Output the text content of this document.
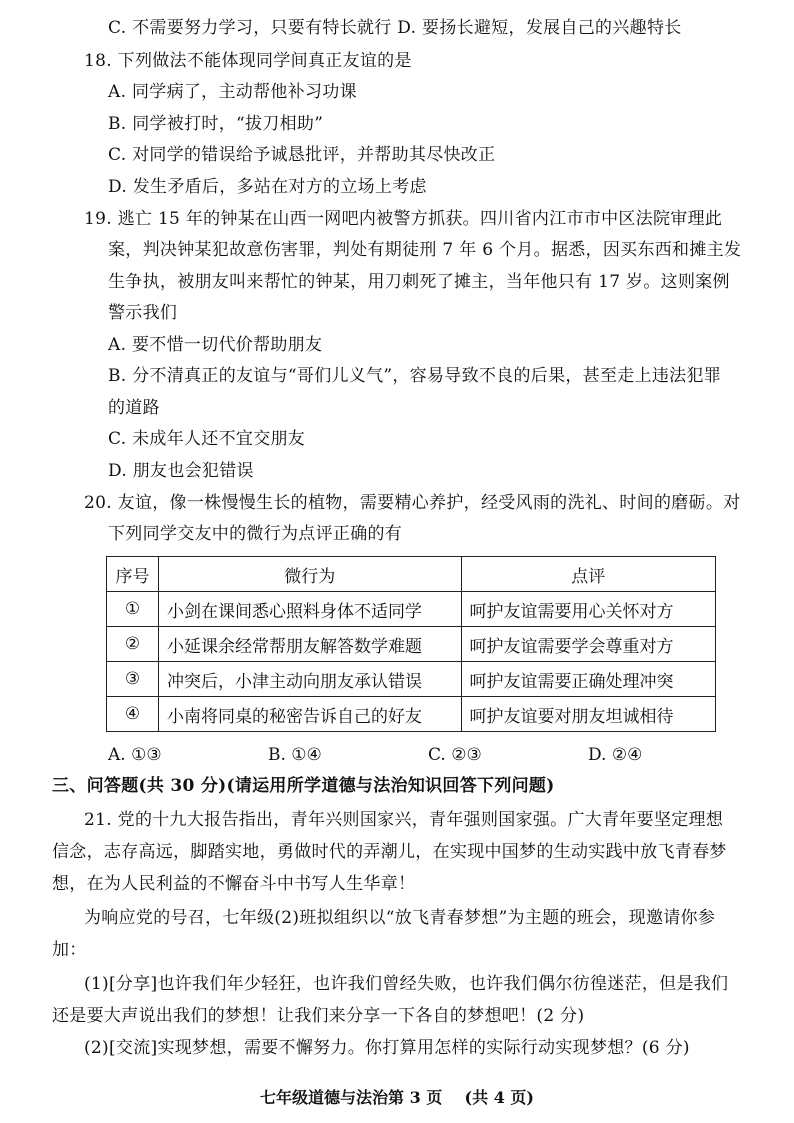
C. 不需要努力学习，只要有特长就行 D. 要扬长避短，发展自己的兴趣特长
18. 下列做法不能体现同学间真正友谊的是
A. 同学病了，主动帮他补习功课
B. 同学被打时，“拔刀相助”
C. 对同学的错误给予诚恳批评，并帮助其尽快改正
D. 发生矛盾后，多站在对方的立场上考虑
19. 逃亡 15 年的钟某在山西一网吧内被警方抓获。四川省内江市市中区法院审理此
案，判决钟某犯故意伤害罪，判处有期徒刑 7 年 6 个月。据悉，因买东西和摊主发
生争执，被朋友叫来帮忙的钟某，用刀刺死了摊主，当年他只有 17 岁。这则案例
警示我们
A. 要不惜一切代价帮助朋友
B. 分不清真正的友谊与“哥们儿义气”，容易导致不良的后果，甚至走上违法犯罪
的道路
C. 未成年人还不宜交朋友
D. 朋友也会犯错误
20. 友谊，像一株慢慢生长的植物，需要精心养护，经受风雨的洗礼、时间的磨砺。对
下列同学交友中的微行为点评正确的有
序号	微行为	点评
①	小剑在课间悉心照料身体不适同学	呵护友谊需要用心关怀对方
②	小延课余经常帮朋友解答数学难题	呵护友谊需要学会尊重对方
③	冲突后，小津主动向朋友承认错误	呵护友谊需要正确处理冲突
④	小南将同桌的秘密告诉自己的好友	呵护友谊要对朋友坦诚相待
A. ①③	B. ①④	C. ②③	D. ②④
三、问答题(共 30 分)(请运用所学道德与法治知识回答下列问题)
21. 党的十九大报告指出，青年兴则国家兴，青年强则国家强。广大青年要坚定理想
信念，志存高远，脚踏实地，勇做时代的弄潮儿，在实现中国梦的生动实践中放飞青春梦
想，在为人民利益的不懈奋斗中书写人生华章！
为响应党的号召，七年级(2)班拟组织以“放飞青春梦想”为主题的班会，现邀请你参
加：
(1)[分享]也许我们年少轻狂，也许我们曾经失败，也许我们偶尔彷徨迷茫，但是我们
还是要大声说出我们的梦想！让我们来分享一下各自的梦想吧！(2 分)
(2)[交流]实现梦想，需要不懈努力。你打算用怎样的实际行动实现梦想？(6 分)
七年级道德与法治第 3 页    (共 4 页)
